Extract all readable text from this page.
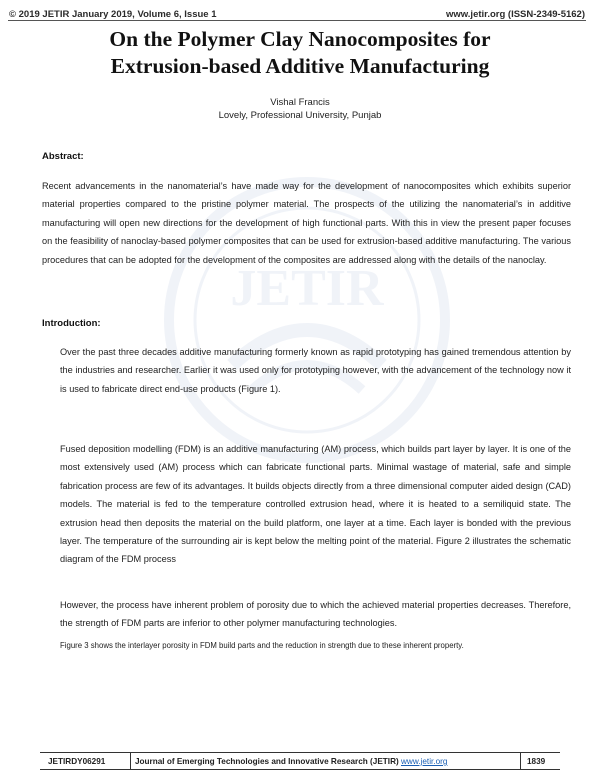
© 2019 JETIR January 2019, Volume 6, Issue 1	www.jetir.org (ISSN-2349-5162)
JETIR
On the Polymer Clay Nanocomposites for
Extrusion-based Additive Manufacturing
Vishal Francis
Lovely, Professional University, Punjab
Abstract:

Recent advancements in the nanomaterial’s have made way for the development of nanocomposites which exhibits superior material properties compared to the pristine polymer material. The prospects of the utilizing the nanomaterial’s in additive manufacturing will open new directions for the development of high functional parts. With this in view the present paper focuses on the feasibility of nanoclay-based polymer composites that can be used for extrusion-based additive manufacturing. The various procedures that can be adopted for the development of the composites are addressed along with the details of the nanoclay.

Introduction:

Over the past three decades additive manufacturing formerly known as rapid prototyping has gained tremendous attention by the industries and researcher. Earlier it was used only for prototyping however, with the advancement of the technology now it is used to fabricate direct end-use products (Figure 1).

Fused deposition modelling (FDM) is an additive manufacturing (AM) process, which builds part layer by layer. It is one of the most extensively used (AM) process which can fabricate functional parts. Minimal wastage of material, safe and simple fabrication process are few of its advantages. It builds objects directly from a three dimensional computer aided design (CAD) models. The material is fed to the temperature controlled extrusion head, where it is heated to a semiliquid state. The extrusion head then deposits the material on the build platform, one layer at a time. Each layer is bonded with the previous layer. The temperature of the surrounding air is kept below the melting point of the material. Figure 2 illustrates the schematic diagram of the FDM process

However, the process have inherent problem of porosity due to which the achieved material properties decreases. Therefore, the strength of FDM parts are inferior to other polymer manufacturing technologies.

Figure 3 shows the interlayer porosity in FDM build parts and the reduction in strength due to these inherent property.
JETIRDY06291	Journal of Emerging Technologies and Innovative Research (JETIR) www.jetir.org	1839
